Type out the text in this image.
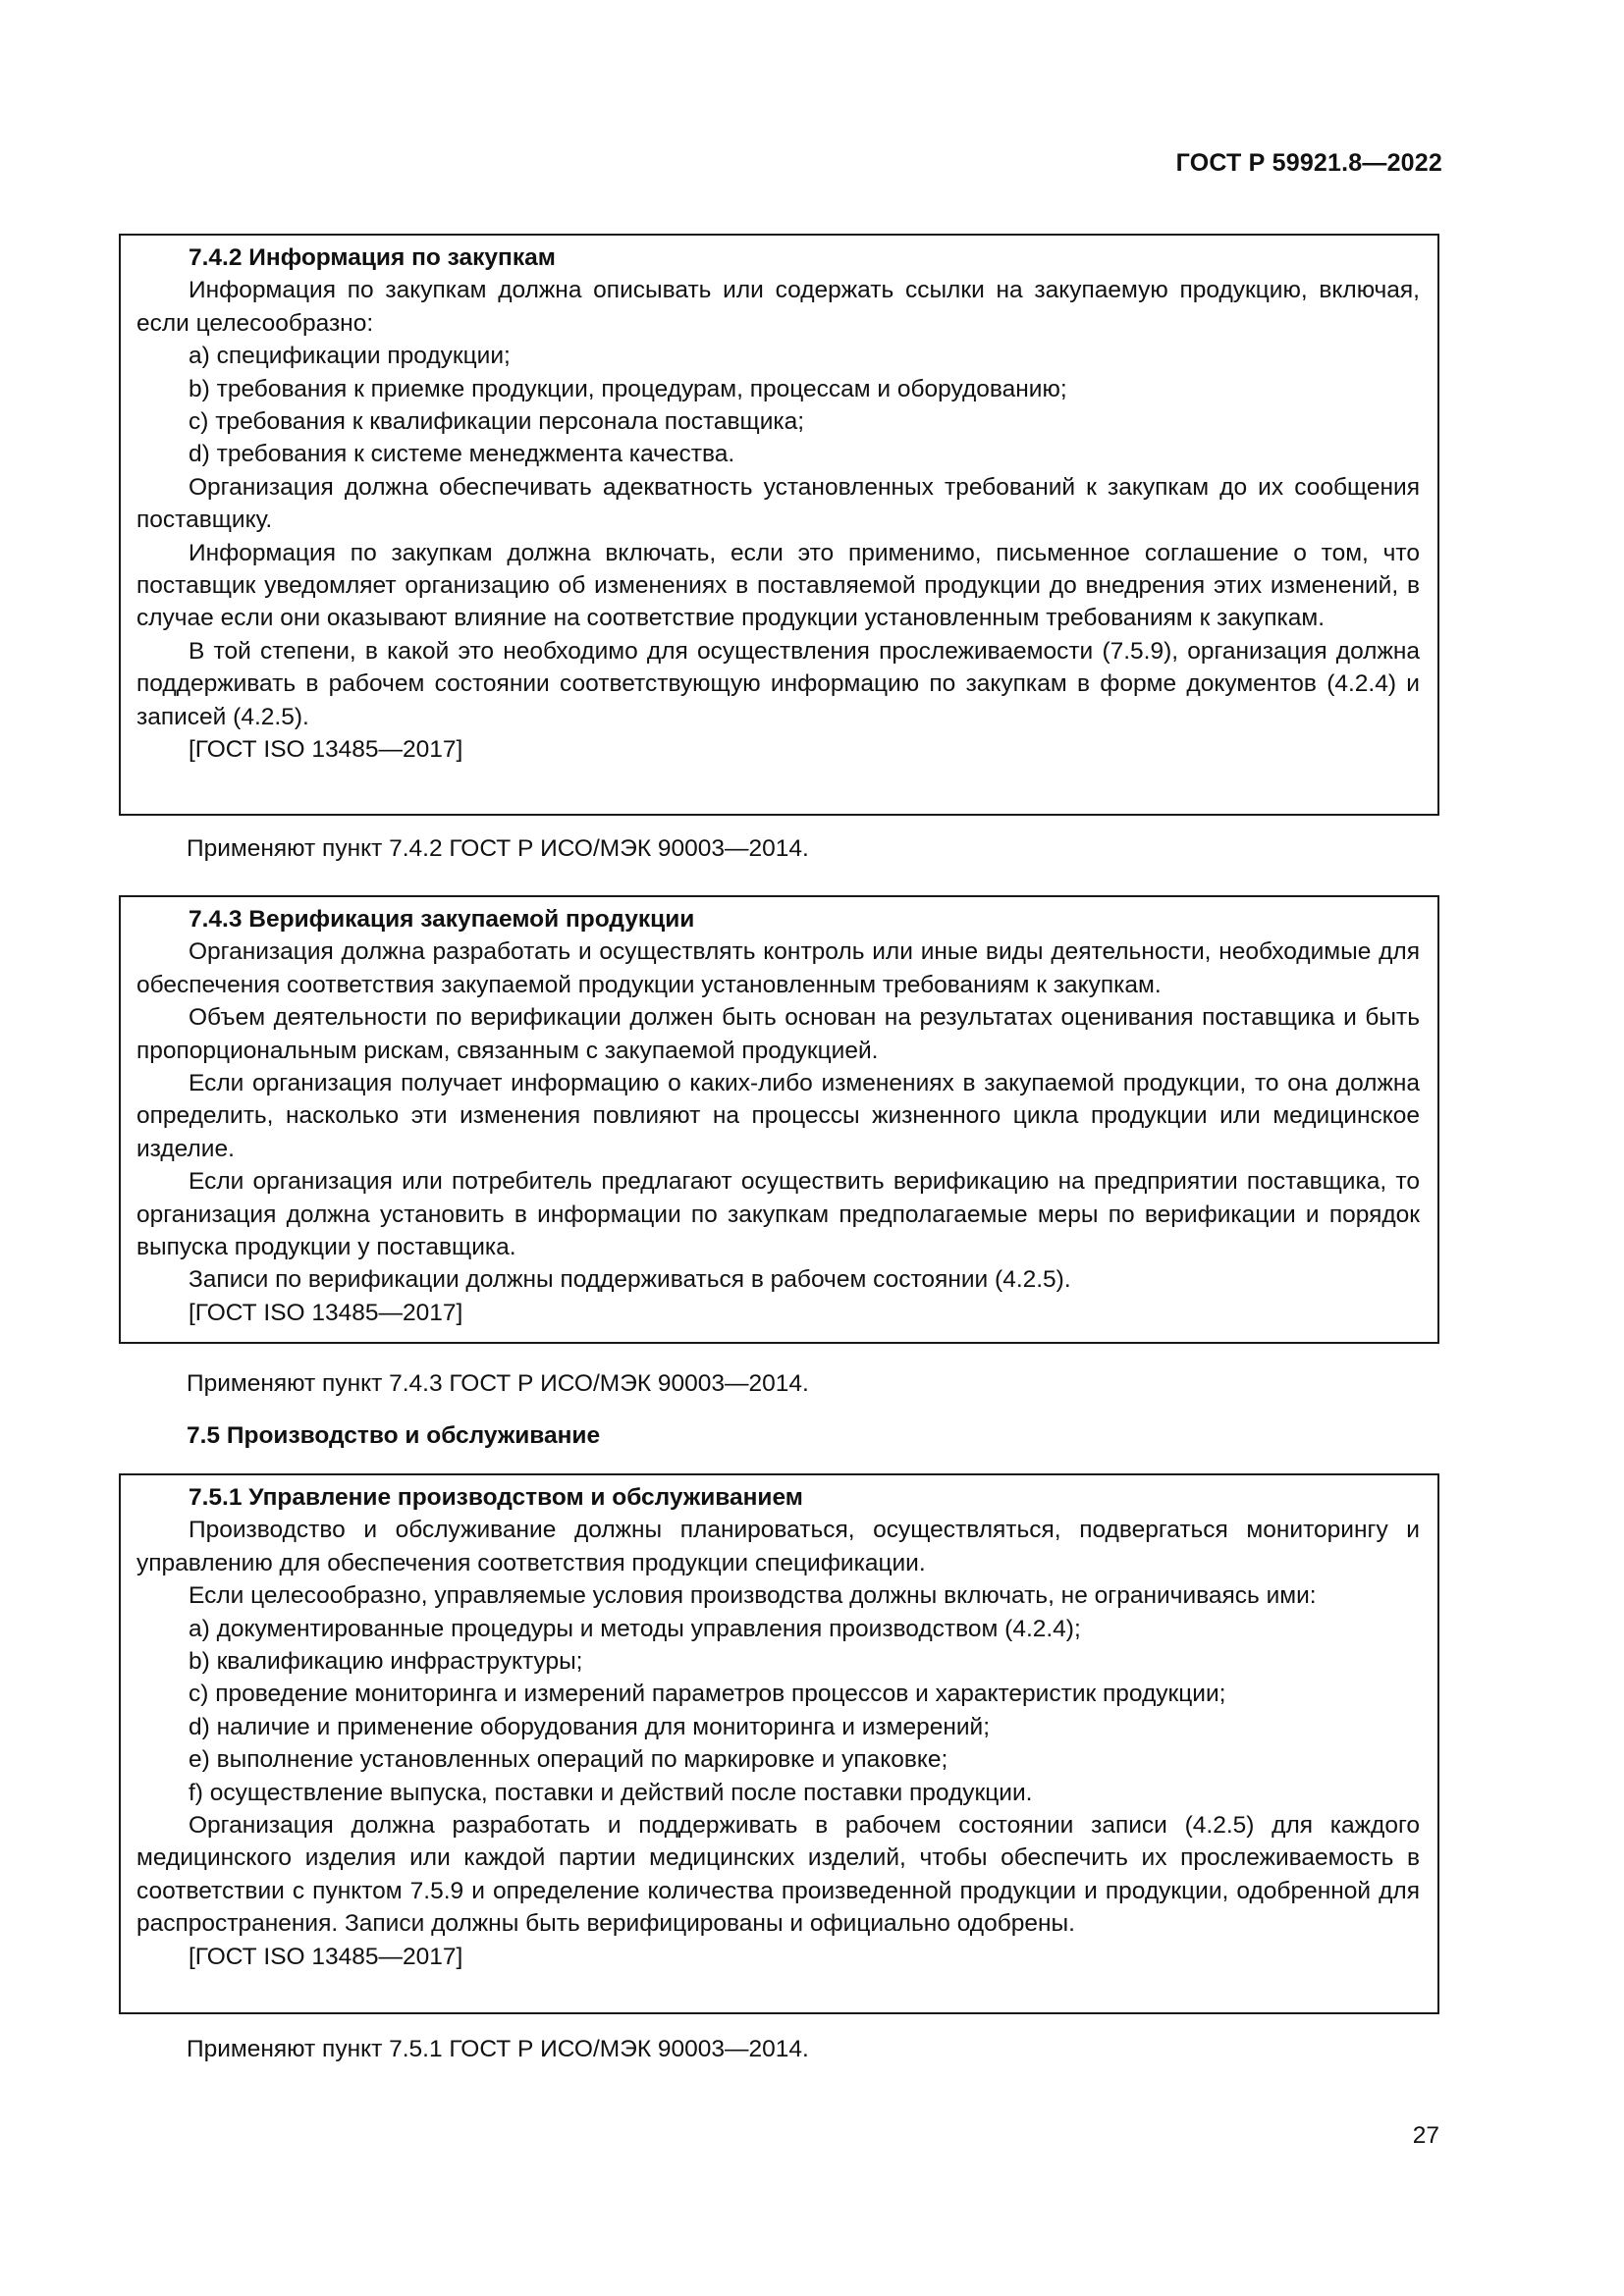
ГОСТ Р 59921.8—2022

7.4.2 Информация по закупкам

Информация по закупкам должна описывать или содержать ссылки на закупаемую продукцию, включая, если целесообразно:

a) спецификации продукции;

b) требования к приемке продукции, процедурам, процессам и оборудованию;

c) требования к квалификации персонала поставщика;

d) требования к системе менеджмента качества.

Организация должна обеспечивать адекватность установленных требований к закупкам до их сообщения поставщику.

Информация по закупкам должна включать, если это применимо, письменное соглашение о том, что поставщик уведомляет организацию об изменениях в поставляемой продукции до внедрения этих изменений, в случае если они оказывают влияние на соответствие продукции установленным требованиям к закупкам.

В той степени, в какой это необходимо для осуществления прослеживаемости (7.5.9), организация должна поддерживать в рабочем состоянии соответствующую информацию по закупкам в форме документов (4.2.4) и записей (4.2.5).

[ГОСТ ISO 13485—2017]

Применяют пункт 7.4.2 ГОСТ Р ИСО/МЭК 90003—2014.

7.4.3 Верификация закупаемой продукции

Организация должна разработать и осуществлять контроль или иные виды деятельности, необходимые для обеспечения соответствия закупаемой продукции установленным требованиям к закупкам.

Объем деятельности по верификации должен быть основан на результатах оценивания поставщика и быть пропорциональным рискам, связанным с закупаемой продукцией.

Если организация получает информацию о каких-либо изменениях в закупаемой продукции, то она должна определить, насколько эти изменения повлияют на процессы жизненного цикла продукции или медицинское изделие.

Если организация или потребитель предлагают осуществить верификацию на предприятии поставщика, то организация должна установить в информации по закупкам предполагаемые меры по верификации и порядок выпуска продукции у поставщика.

Записи по верификации должны поддерживаться в рабочем состоянии (4.2.5).

[ГОСТ ISO 13485—2017]

Применяют пункт 7.4.3 ГОСТ Р ИСО/МЭК 90003—2014.

7.5 Производство и обслуживание

7.5.1 Управление производством и обслуживанием

Производство и обслуживание должны планироваться, осуществляться, подвергаться мониторингу и управлению для обеспечения соответствия продукции спецификации.

Если целесообразно, управляемые условия производства должны включать, не ограничиваясь ими:

a) документированные процедуры и методы управления производством (4.2.4);

b) квалификацию инфраструктуры;

c) проведение мониторинга и измерений параметров процессов и характеристик продукции;

d) наличие и применение оборудования для мониторинга и измерений;

e) выполнение установленных операций по маркировке и упаковке;

f) осуществление выпуска, поставки и действий после поставки продукции.

Организация должна разработать и поддерживать в рабочем состоянии записи (4.2.5) для каждого медицинского изделия или каждой партии медицинских изделий, чтобы обеспечить их прослеживаемость в соответствии с пунктом 7.5.9 и определение количества произведенной продукции и продукции, одобренной для распространения. Записи должны быть верифицированы и официально одобрены.

[ГОСТ ISO 13485—2017]

Применяют пункт 7.5.1 ГОСТ Р ИСО/МЭК 90003—2014.

27
